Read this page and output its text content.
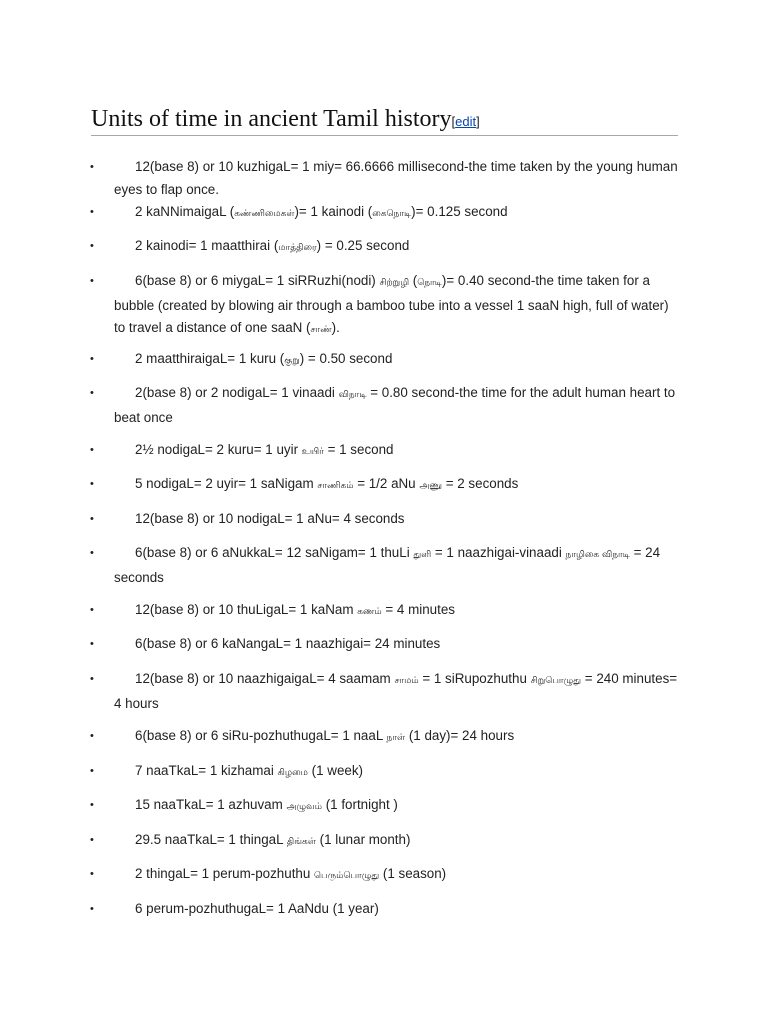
Units of time in ancient Tamil history[edit]
•	12(base 8) or 10 kuzhigaL= 1 miy= 66.6666 millisecond-the time taken by the young human eyes to flap once.
•	2 kaNNimaigaL (கண்ணிமைகள்)= 1 kainodi (கைநொடி)= 0.125 second
•	2 kainodi= 1 maatthirai (மாத்திரை) = 0.25 second
•	6(base 8) or 6 miygaL= 1 siRRuzhi(nodi) சிற்றுழி (நொடி)= 0.40 second-the time taken for a bubble (created by blowing air through a bamboo tube into a vessel 1 saaN high, full of water) to travel a distance of one saaN (சாண்).
•	2 maatthiraigaL= 1 kuru (குறு) = 0.50 second
•	2(base 8) or 2 nodigaL= 1 vinaadi விநாடி = 0.80 second-the time for the adult human heart to beat once
•	2½ nodigaL= 2 kuru= 1 uyir உயிர் = 1 second
•	5 nodigaL= 2 uyir= 1 saNigam சாணிகம் = 1/2 aNu அணு = 2 seconds
•	12(base 8) or 10 nodigaL= 1 aNu= 4 seconds
•	6(base 8) or 6 aNukkaL= 12 saNigam= 1 thuLi துளி = 1 naazhigai-vinaadi நாழிகை விநாடி = 24 seconds
•	12(base 8) or 10 thuLigaL= 1 kaNam கணம் = 4 minutes
•	6(base 8) or 6 kaNangaL= 1 naazhigai= 24 minutes
•	12(base 8) or 10 naazhigaigaL= 4 saamam சாமம் = 1 siRupozhuthu சிறுபொழுது = 240 minutes= 4 hours
•	6(base 8) or 6 siRu-pozhuthugaL= 1 naaL நாள் (1 day)= 24 hours
•	7 naaTkaL= 1 kizhamai கிழமை (1 week)
•	15 naaTkaL= 1 azhuvam அழுவம் (1 fortnight )
•	29.5 naaTkaL= 1 thingaL திங்கள் (1 lunar month)
•	2 thingaL= 1 perum-pozhuthu பெரும்பொழுது (1 season)
•	6 perum-pozhuthugaL= 1 AaNdu (1 year)
